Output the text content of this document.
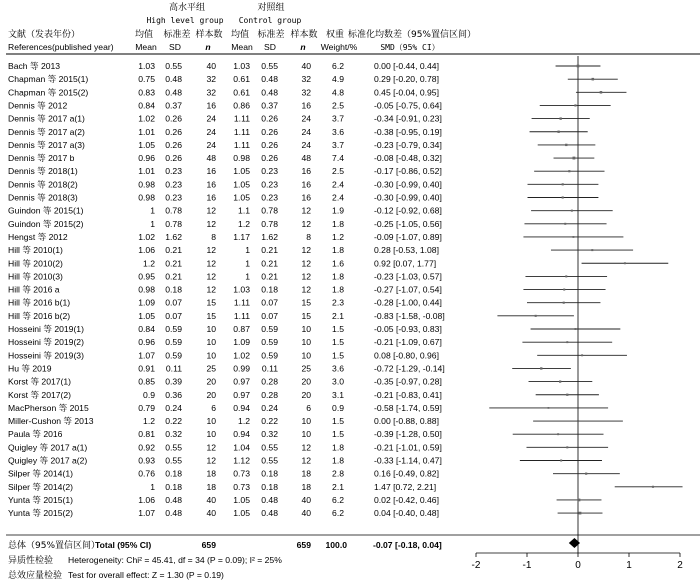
高水平组
High level group
对照组
Control group
文献（发表年份）
References(published year)
均值 标准差 样本数 均值 标准差 样本数 权重 标准化均数差（95%置信区间）
Mean SD	n Mean SD	n Weight/%	SMD（95% CI）
Bach 等 2013	1.03 0.55	40 1.03 0.55	40 6.2	0.00 [-0.44, 0.44]
Chapman 等 2015(1)	0.75 0.48	32 0.61 0.48	32 4.9	0.29 [-0.20, 0.78]
Chapman 等 2015(2)	0.83 0.48	32 0.61 0.48	32 4.8	0.45 [-0.04, 0.95]
Dennis 等 2012	0.84 0.37	16 0.86 0.37	16 2.5	-0.05 [-0.75, 0.64]
Dennis 等 2017 a(1)	1.02 0.26	24 1.11 0.26	24 3.7	-0.34 [-0.91, 0.23]
Dennis 等 2017 a(2)	1.01 0.26	24 1.11 0.26	24 3.6	-0.38 [-0.95, 0.19]
Dennis 等 2017 a(3)	1.05 0.26	24 1.11 0.26	24 3.7	-0.23 [-0.79, 0.34]
Dennis 等 2017 b	0.96 0.26	48 0.98 0.26	48 7.4	-0.08 [-0.48, 0.32]
Dennis 等 2018(1)	1.01 0.23	16 1.05 0.23	16 2.5	-0.17 [-0.86, 0.52]
Dennis 等 2018(2)	0.98 0.23	16 1.05 0.23	16 2.4	-0.30 [-0.99, 0.40]
Dennis 等 2018(3)	0.98 0.23	16 1.05 0.23	16 2.4	-0.30 [-0.99, 0.40]
Guindon 等 2015(1)	1 0.78	12	1.1 0.78	12 1.9	-0.12 [-0.92, 0.68]
Guindon 等 2015(2)	1 0.78	12	1.2 0.78	12 1.8	-0.25 [-1.05, 0.56]
Hengst 等 2012	1.02 1.62	8 1.17 1.62	8 1.2	-0.09 [-1.07, 0.89]
Hill 等 2010(1)	1.06 0.21	12	1 0.21	12 1.8	0.28 [-0.53, 1.08]
Hill 等 2010(2)	1.2 0.21	12	1 0.21	12 1.6	0.92 [0.07, 1.77]
Hill 等 2010(3)	0.95 0.21	12	1 0.21	12 1.8	-0.23 [-1.03, 0.57]
Hill 等 2016 a	0.98 0.18	12 1.03 0.18	12 1.8	-0.27 [-1.07, 0.54]
Hill 等 2016 b(1)	1.09 0.07	15 1.11 0.07	15 2.3	-0.28 [-1.00, 0.44]
Hill 等 2016 b(2)	1.05 0.07	15 1.11 0.07	15 2.1	-0.83 [-1.58, -0.08]
Hosseini 等 2019(1)	0.84 0.59	10 0.87 0.59	10 1.5	-0.05 [-0.93, 0.83]
Hosseini 等 2019(2)	0.96 0.59	10 1.09 0.59	10 1.5	-0.21 [-1.09, 0.67]
Hosseini 等 2019(3)	1.07 0.59	10 1.02 0.59	10 1.5	0.08 [-0.80, 0.96]
Hu 等 2019	0.91 0.11	25 0.99 0.11	25 3.6	-0.72 [-1.29, -0.14]
Korst 等 2017(1)	0.85 0.39	20 0.97 0.28	20 3.0	-0.35 [-0.97, 0.28]
Korst 等 2017(2)	0.9 0.36	20 0.97 0.28	20 3.1	-0.21 [-0.83, 0.41]
MacPherson 等 2015	0.79 0.24	6 0.94 0.24	6 0.9	-0.58 [-1.74, 0.59]
Miller-Cushon 等 2013	1.2 0.22	10	1.2 0.22	10 1.5	0.00 [-0.88, 0.88]
Paula 等 2016	0.81 0.32	10 0.94 0.32	10 1.5	-0.39 [-1.28, 0.50]
Quigley 等 2017 a(1)	0.92 0.55	12 1.04 0.55	12 1.8	-0.21 [-1.01, 0.59]
Quigley 等 2017 a(2)	0.93 0.55	12 1.12 0.55	12 1.8	-0.33 [-1.14, 0.47]
Silper 等 2014(1)	0.76 0.18	18 0.73 0.18	18 2.8	0.16 [-0.49, 0.82]
Silper 等 2014(2)	1 0.18	18 0.73 0.18	18 2.1	1.47 [0.72, 2.21]
Yunta 等 2015(1)	1.06 0.48	40 1.05 0.48	40 6.2	0.02 [-0.42, 0.46]
Yunta 等 2015(2)	1.07 0.48	40 1.05 0.48	40 6.2	0.04 [-0.40, 0.48]
总体（95%置信区间）
Total (95% CI)	659	659 100.0	-0.07 [-0.18, 0.04]
异质性检验 Heterogeneity: Chi² = 45.41, df = 34 (P = 0.09); I² = 25%
总效应量检验 Test for overall effect: Z = 1.30 (P = 0.19)
-2	-1	0	1	2
